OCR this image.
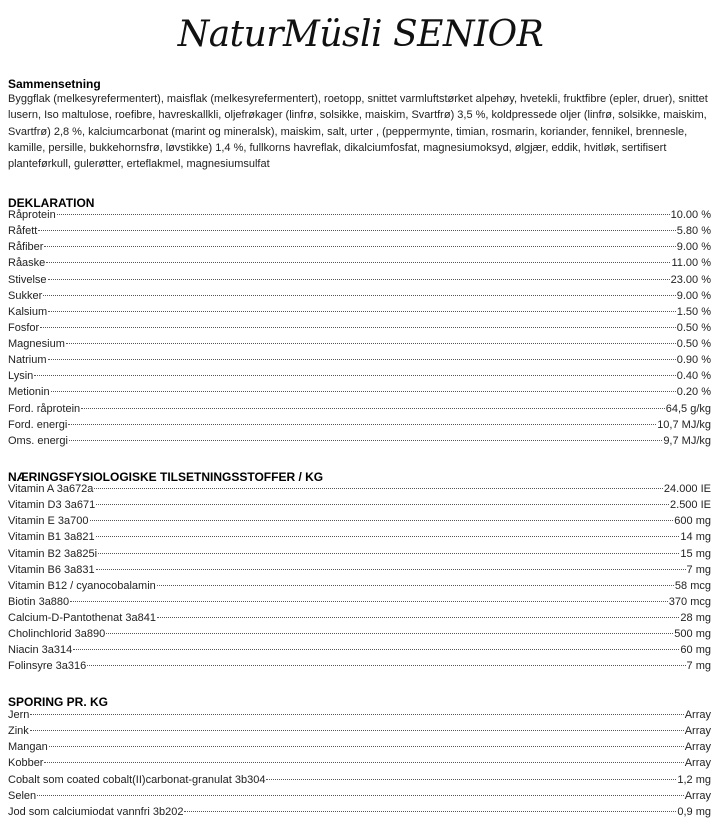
NaturMüsli SENIOR
Sammensetning
Byggflak (melkesyrefermentert), maisflak (melkesyrefermentert), roetopp, snittet varmluftstørket alpehøy, hvetekli, fruktfibre (epler, druer), snittet lusern, Iso maltulose, roefibre, havreskallkli, oljefrøkager (linfrø, solsikke, maiskim, Svartfrø) 3,5 %, koldpressede oljer (linfrø, solsikke, maiskim, Svartfrø) 2,8 %, kalciumcarbonat (marint og mineralsk), maiskim, salt, urter , (peppermynte, timian, rosmarin, koriander, fennikel, brennesle, kamille, persille, bukkehornsfrø, løvstikke) 1,4 %, fullkorns havreflak, dikalciumfosfat, magnesiumoksyd, ølgjær, eddik, hvitløk, sertifisert planteførkull, gulerøtter, erteflakmel, magnesiumsulfat
DEKLARATION
Råprotein	10.00 %
Råfett	5.80 %
Råfiber	9.00 %
Råaske	11.00 %
Stivelse	23.00 %
Sukker	9.00 %
Kalsium	1.50 %
Fosfor	0.50 %
Magnesium	0.50 %
Natrium	0.90 %
Lysin	0.40 %
Metionin	0.20 %
Ford. råprotein	64,5 g/kg
Ford. energi	10,7 MJ/kg
Oms. energi	9,7 MJ/kg
NÆRINGSFYSIOLOGISKE TILSETNINGSSTOFFER / KG
Vitamin A 3a672a	24.000 IE
Vitamin D3 3a671	2.500 IE
Vitamin E 3a700	600 mg
Vitamin B1 3a821	14 mg
Vitamin B2 3a825i	15 mg
Vitamin B6 3a831	7 mg
Vitamin B12 / cyanocobalamin	58 mcg
Biotin 3a880	370 mcg
Calcium-D-Pantothenat 3a841	28 mg
Cholinchlorid 3a890	500 mg
Niacin 3a314	60 mg
Folinsyre 3a316	7 mg
SPORING PR. KG
Jern	Array
Zink	Array
Mangan	Array
Kobber	Array
Cobalt som coated cobalt(II)carbonat-granulat 3b304	1,2 mg
Selen	Array
Jod som calciumiodat vannfri 3b202	0,9 mg
